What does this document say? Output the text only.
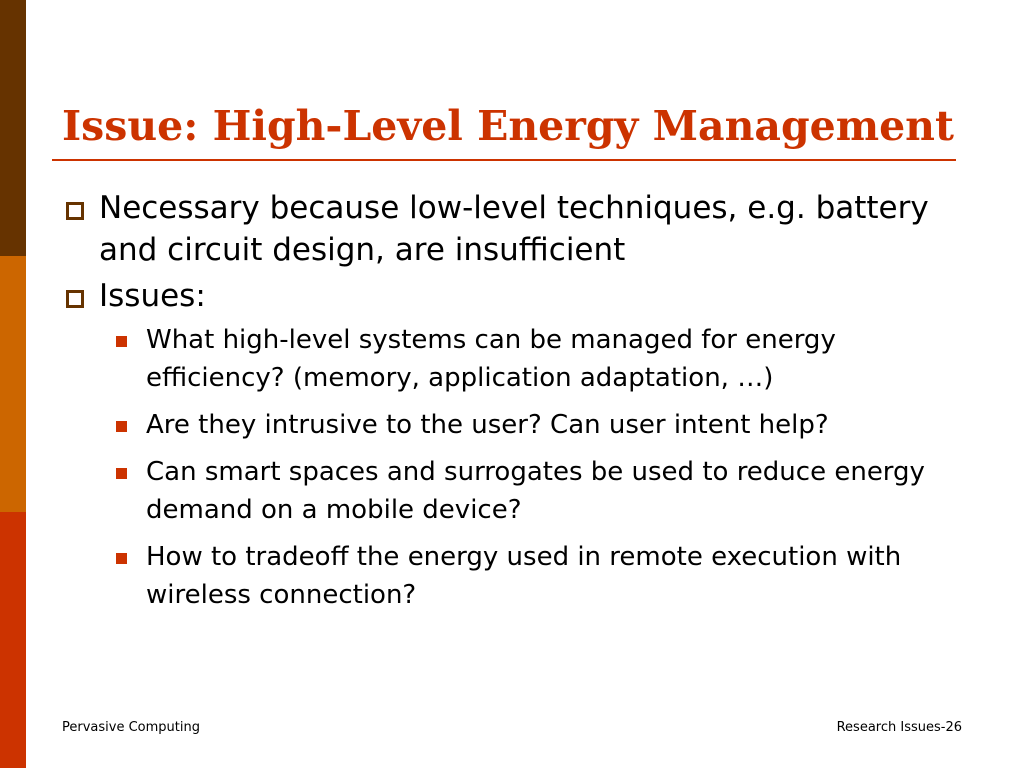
Issue: High-Level Energy Management
Necessary because low-level techniques, e.g. battery and circuit design, are insufficient
Issues:
What high-level systems can be managed for energy efficiency? (memory, application adaptation, …)
Are they intrusive to the user? Can user intent help?
Can smart spaces and surrogates be used to reduce energy demand on a mobile device?
How to tradeoff the energy used in remote execution with wireless connection?
Pervasive Computing	Research Issues-26
